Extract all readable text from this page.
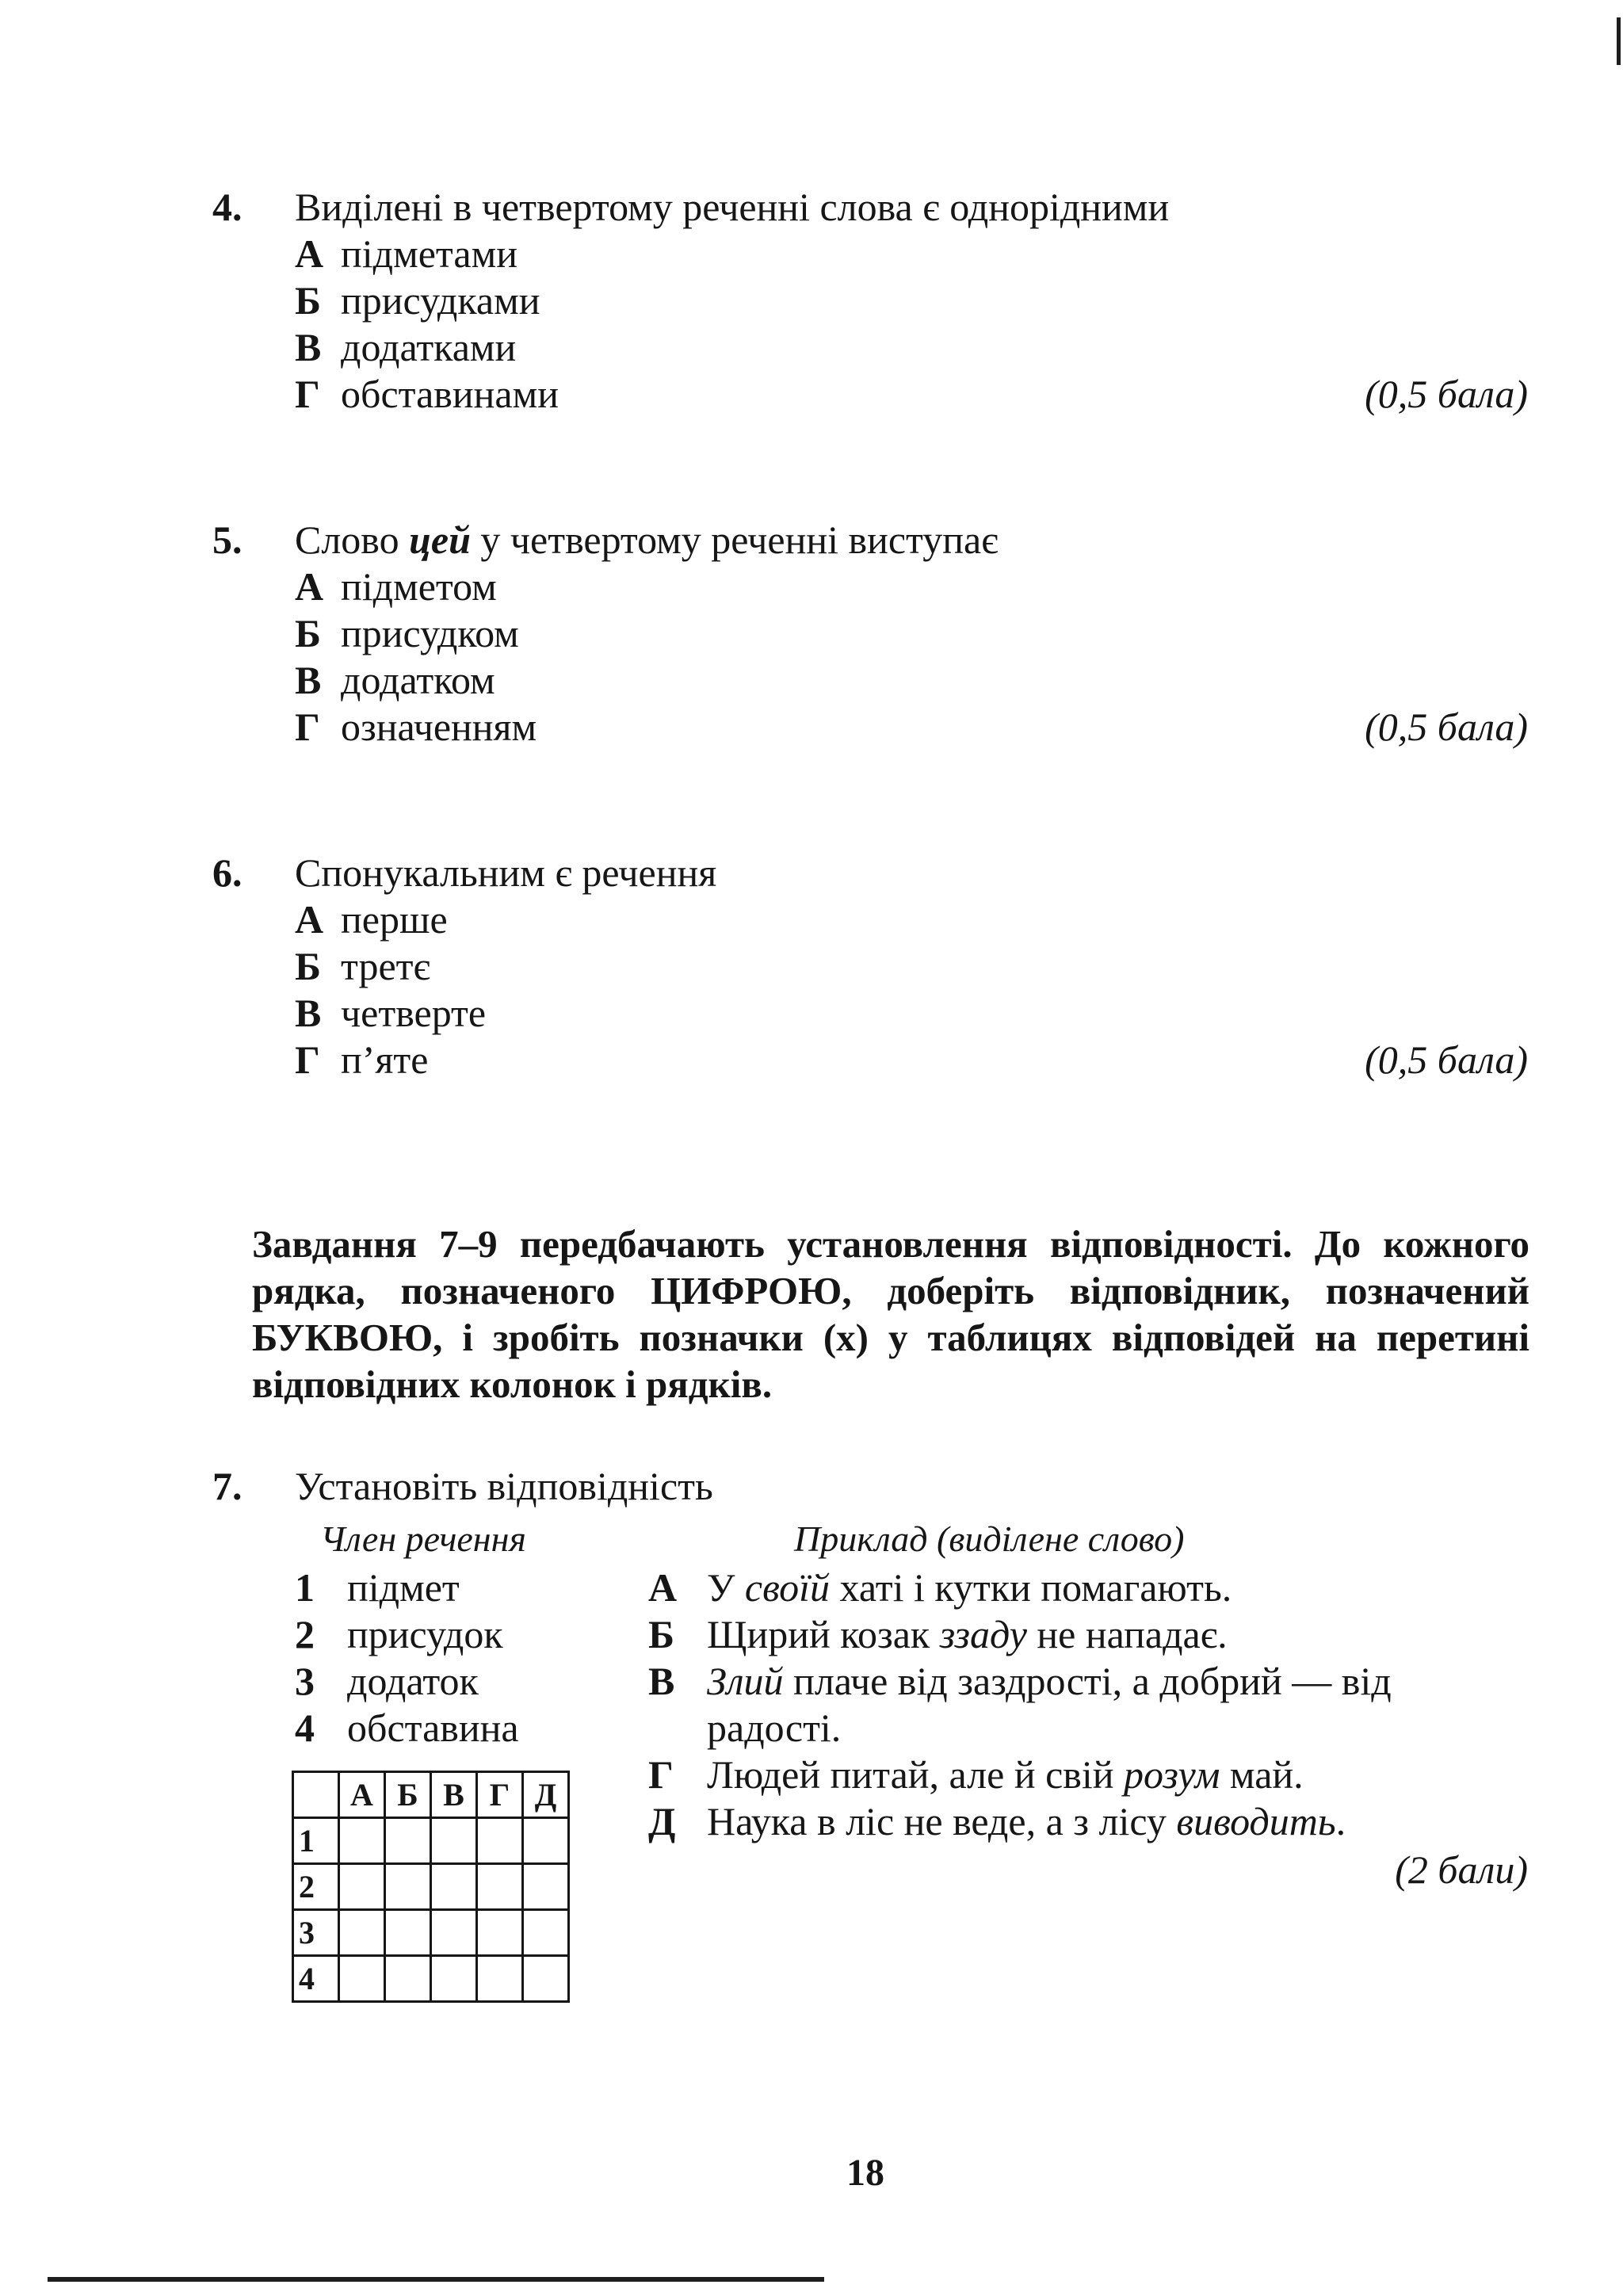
4. Виділені в четвертому реченні слова є однорідними
А підметами
Б присудками
В додатками
Г обставинами	(0,5 бала)
5. Слово цей у четвертому реченні виступає
А підметом
Б присудком
В додатком
Г означенням	(0,5 бала)
6. Спонукальним є речення
А перше
Б третє
В четверте
Г п’яте	(0,5 бала)
Завдання 7–9 передбачають установлення відповідності. До кожного рядка, позначеного ЦИФРОЮ, доберіть відповідник, позначений БУКВОЮ, і зробіть позначки (х) у таблицях відповідей на перетині відповідних колонок і рядків.
7. Установіть відповідність
Член речення	Приклад (виділене слово)
1 підмет
2 присудок
3 додаток
4 обставина
А У своїй хаті і кутки помагають.
Б Щирий козак ззаду не нападає.
В Злий плаче від заздрості, а добрий — від радості.
Г Людей питай, але й свій розум май.
Д Наука в ліс не веде, а з лісу виводить.
(2 бали)
	А	Б	В	Г	Д
1					
2					
3					
4					
18
